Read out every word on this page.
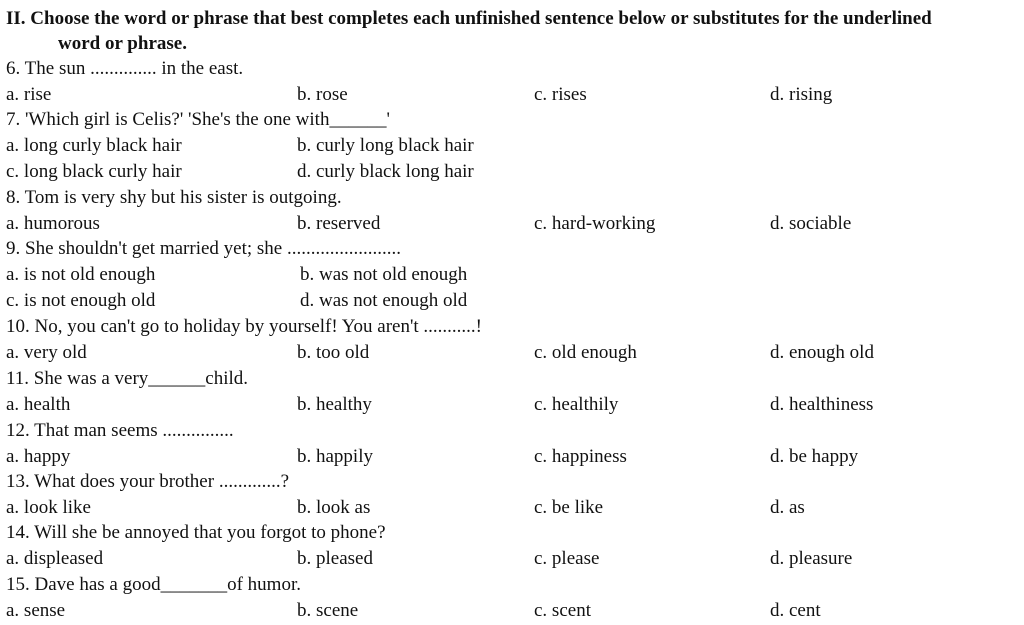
II. Choose the word or phrase that best completes each unfinished sentence below or substitutes for the underlined
word or phrase.
6. The sun .............. in the east.
a. rise	b. rose	c. rises	d. rising
7. 'Which girl is Celis?' 'She's the one with______'
a. long curly black hair	b. curly long black hair
c. long black curly hair	d. curly black long hair
8. Tom is very shy but his sister is outgoing.
a. humorous	b. reserved	c. hard-working	d. sociable
9. She shouldn't get married yet; she ........................
a. is not old enough	b. was not old enough
c. is not enough old	d. was not enough old
10. No, you can't go to holiday by yourself! You aren't ...........!
a. very old	b. too old	c. old enough	d. enough old
11. She was a very______child.
a. health	b. healthy	c. healthily	d. healthiness
12. That man seems ...............
a. happy	b. happily	c. happiness	d. be happy
13. What does your brother .............?
a. look like	b. look as	c. be like	d. as
14. Will she be annoyed that you forgot to phone?
a. displeased	b. pleased	c. please	d. pleasure
15. Dave has a good_______of humor.
a. sense	b. scene	c. scent	d. cent
